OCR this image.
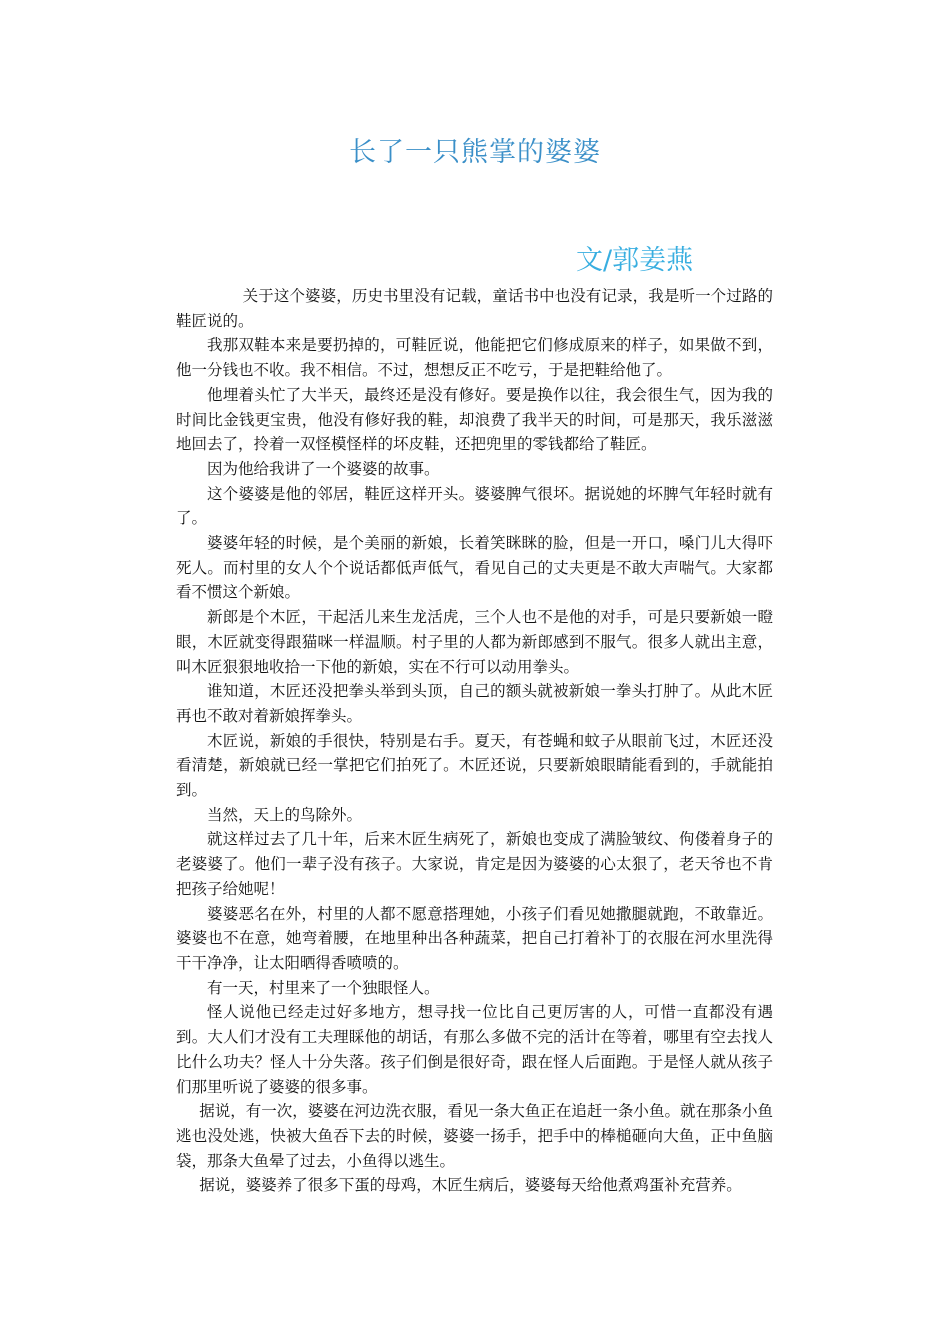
长了一只熊掌的婆婆
文/郭姜燕

关于这个婆婆，历史书里没有记载，童话书中也没有记录，我是听一个过路的鞋匠说的。

我那双鞋本来是要扔掉的，可鞋匠说，他能把它们修成原来的样子，如果做不到，他一分钱也不收。我不相信。不过，想想反正不吃亏，于是把鞋给他了。

他埋着头忙了大半天，最终还是没有修好。要是换作以往，我会很生气，因为我的时间比金钱更宝贵，他没有修好我的鞋，却浪费了我半天的时间，可是那天，我乐滋滋地回去了，拎着一双怪模怪样的坏皮鞋，还把兜里的零钱都给了鞋匠。

因为他给我讲了一个婆婆的故事。

这个婆婆是他的邻居，鞋匠这样开头。婆婆脾气很坏。据说她的坏脾气年轻时就有了。

婆婆年轻的时候，是个美丽的新娘，长着笑眯眯的脸，但是一开口，嗓门儿大得吓死人。而村里的女人个个说话都低声低气，看见自己的丈夫更是不敢大声喘气。大家都看不惯这个新娘。

新郎是个木匠，干起活儿来生龙活虎，三个人也不是他的对手，可是只要新娘一瞪眼，木匠就变得跟猫咪一样温顺。村子里的人都为新郎感到不服气。很多人就出主意，叫木匠狠狠地收拾一下他的新娘，实在不行可以动用拳头。

谁知道，木匠还没把拳头举到头顶，自己的额头就被新娘一拳头打肿了。从此木匠再也不敢对着新娘挥拳头。

木匠说，新娘的手很快，特别是右手。夏天，有苍蝇和蚊子从眼前飞过，木匠还没看清楚，新娘就已经一掌把它们拍死了。木匠还说，只要新娘眼睛能看到的，手就能拍到。

当然，天上的鸟除外。

就这样过去了几十年，后来木匠生病死了，新娘也变成了满脸皱纹、佝偻着身子的老婆婆了。他们一辈子没有孩子。大家说，肯定是因为婆婆的心太狠了，老天爷也不肯把孩子给她呢！

婆婆恶名在外，村里的人都不愿意搭理她，小孩子们看见她撒腿就跑，不敢靠近。婆婆也不在意，她弯着腰，在地里种出各种蔬菜，把自己打着补丁的衣服在河水里洗得干干净净，让太阳晒得香喷喷的。

有一天，村里来了一个独眼怪人。

怪人说他已经走过好多地方，想寻找一位比自己更厉害的人，可惜一直都没有遇到。大人们才没有工夫理睬他的胡话，有那么多做不完的活计在等着，哪里有空去找人比什么功夫？怪人十分失落。孩子们倒是很好奇，跟在怪人后面跑。于是怪人就从孩子们那里听说了婆婆的很多事。

据说，有一次，婆婆在河边洗衣服，看见一条大鱼正在追赶一条小鱼。就在那条小鱼逃也没处逃，快被大鱼吞下去的时候，婆婆一扬手，把手中的棒槌砸向大鱼，正中鱼脑袋，那条大鱼晕了过去，小鱼得以逃生。

据说，婆婆养了很多下蛋的母鸡，木匠生病后，婆婆每天给他煮鸡蛋补充营养。
